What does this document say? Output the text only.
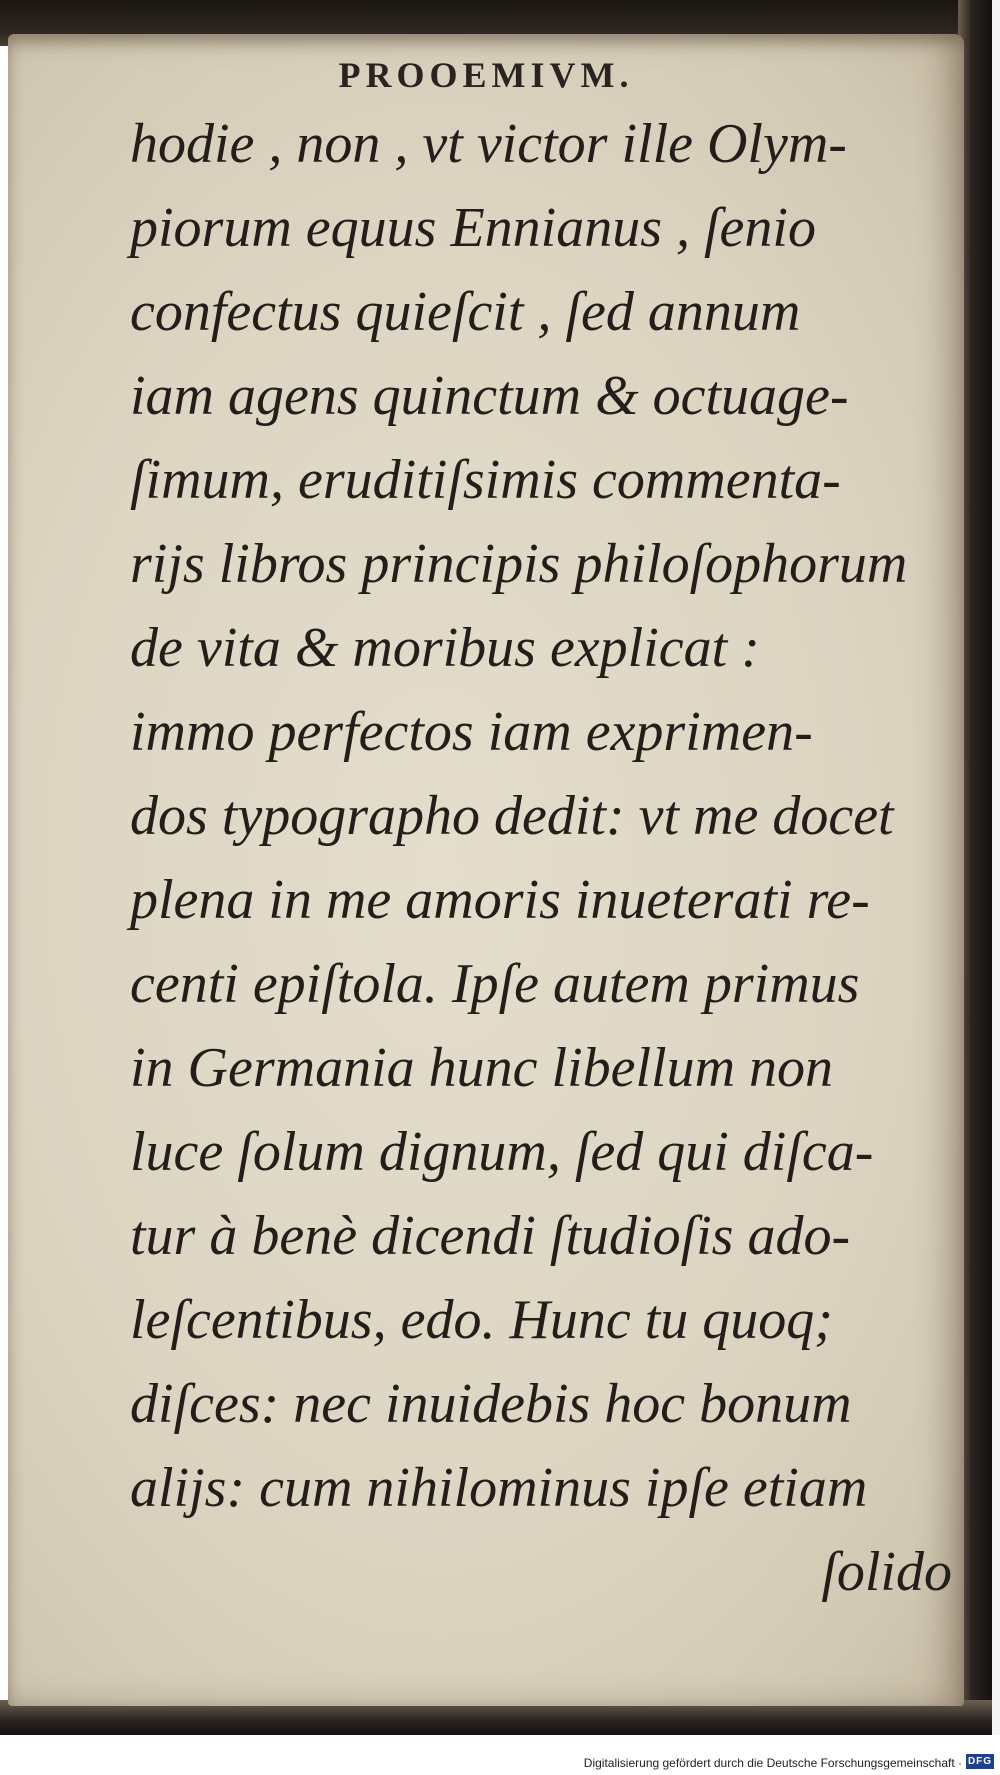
PROOEMIVM.
hodie , non , vt victor ille Olym-
piorum equus Ennianus , ſenio
confectus quieſcit , ſed annum
iam agens quinctum & octuage-
ſimum, eruditiſsimis commenta-
rijs libros principis philoſophorum
de vita & moribus explicat :
immo perfectos iam exprimen-
dos typographo dedit: vt me docet
plena in me amoris inueterati re-
centi epiſtola. Ipſe autem primus
in Germania hunc libellum non
luce ſolum dignum, ſed qui diſca-
tur à benè dicendi ſtudioſis ado-
leſcentibus, edo. Hunc tu quoq;
diſces: nec inuidebis hoc bonum
alijs: cum nihilominus ipſe etiam
ſolido
Digitalisierung gefördert durch die Deutsche Forschungsgemeinschaft · DFG
